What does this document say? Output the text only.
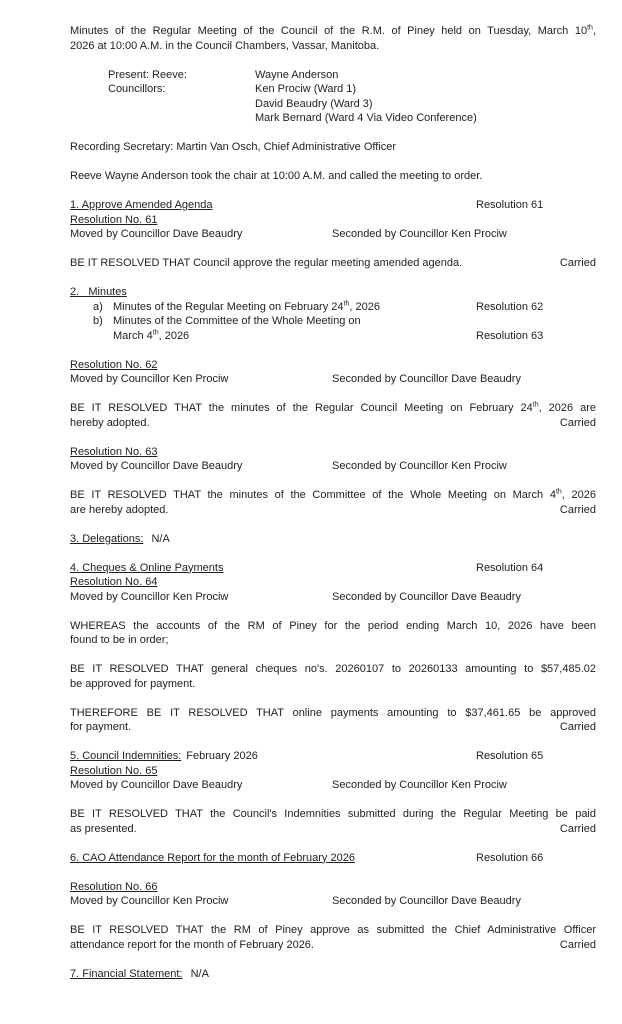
Minutes of the Regular Meeting of the Council of the R.M. of Piney held on Tuesday, March 10th,
2026 at 10:00 A.M. in the Council Chambers, Vassar, Manitoba.
Present: Reeve:	Wayne Anderson
Councillors:	Ken Prociw (Ward 1)
David Beaudry (Ward 3)
Mark Bernard (Ward 4 Via Video Conference)
Recording Secretary: Martin Van Osch, Chief Administrative Officer
Reeve Wayne Anderson took the chair at 10:00 A.M. and called the meeting to order.
1. Approve Amended Agenda	Resolution 61
Resolution No. 61
Moved by Councillor Dave Beaudry	Seconded by Councillor Ken Prociw
BE IT RESOLVED THAT Council approve the regular meeting amended agenda.	Carried
2.   Minutes
a) Minutes of the Regular Meeting on February 24th, 2026	Resolution 62
b) Minutes of the Committee of the Whole Meeting on
March 4th, 2026	Resolution 63
Resolution No. 62
Moved by Councillor Ken Prociw	Seconded by Councillor Dave Beaudry
BE IT RESOLVED THAT the minutes of the Regular Council Meeting on February 24th, 2026 are
hereby adopted.	Carried
Resolution No. 63
Moved by Councillor Dave Beaudry	Seconded by Councillor Ken Prociw
BE IT RESOLVED THAT the minutes of the Committee of the Whole Meeting on March 4th, 2026
are hereby adopted.	Carried
3. Delegations: N/A
4. Cheques & Online Payments	Resolution 64
Resolution No. 64
Moved by Councillor Ken Prociw	Seconded by Councillor Dave Beaudry
WHEREAS the accounts of the RM of Piney for the period ending March 10, 2026 have been
found to be in order;
BE IT RESOLVED THAT general cheques no's. 20260107 to 20260133 amounting to $57,485.02
be approved for payment.
THEREFORE BE IT RESOLVED THAT online payments amounting to $37,461.65 be approved
for payment.	Carried
5. Council Indemnities: February 2026	Resolution 65
Resolution No. 65
Moved by Councillor Dave Beaudry	Seconded by Councillor Ken Prociw
BE IT RESOLVED THAT the Council's Indemnities submitted during the Regular Meeting be paid
as presented.	Carried
6. CAO Attendance Report for the month of February 2026	Resolution 66
Resolution No. 66
Moved by Councillor Ken Prociw	Seconded by Councillor Dave Beaudry
BE IT RESOLVED THAT the RM of Piney approve as submitted the Chief Administrative Officer
attendance report for the month of February 2026.	Carried
7. Financial Statement: N/A
